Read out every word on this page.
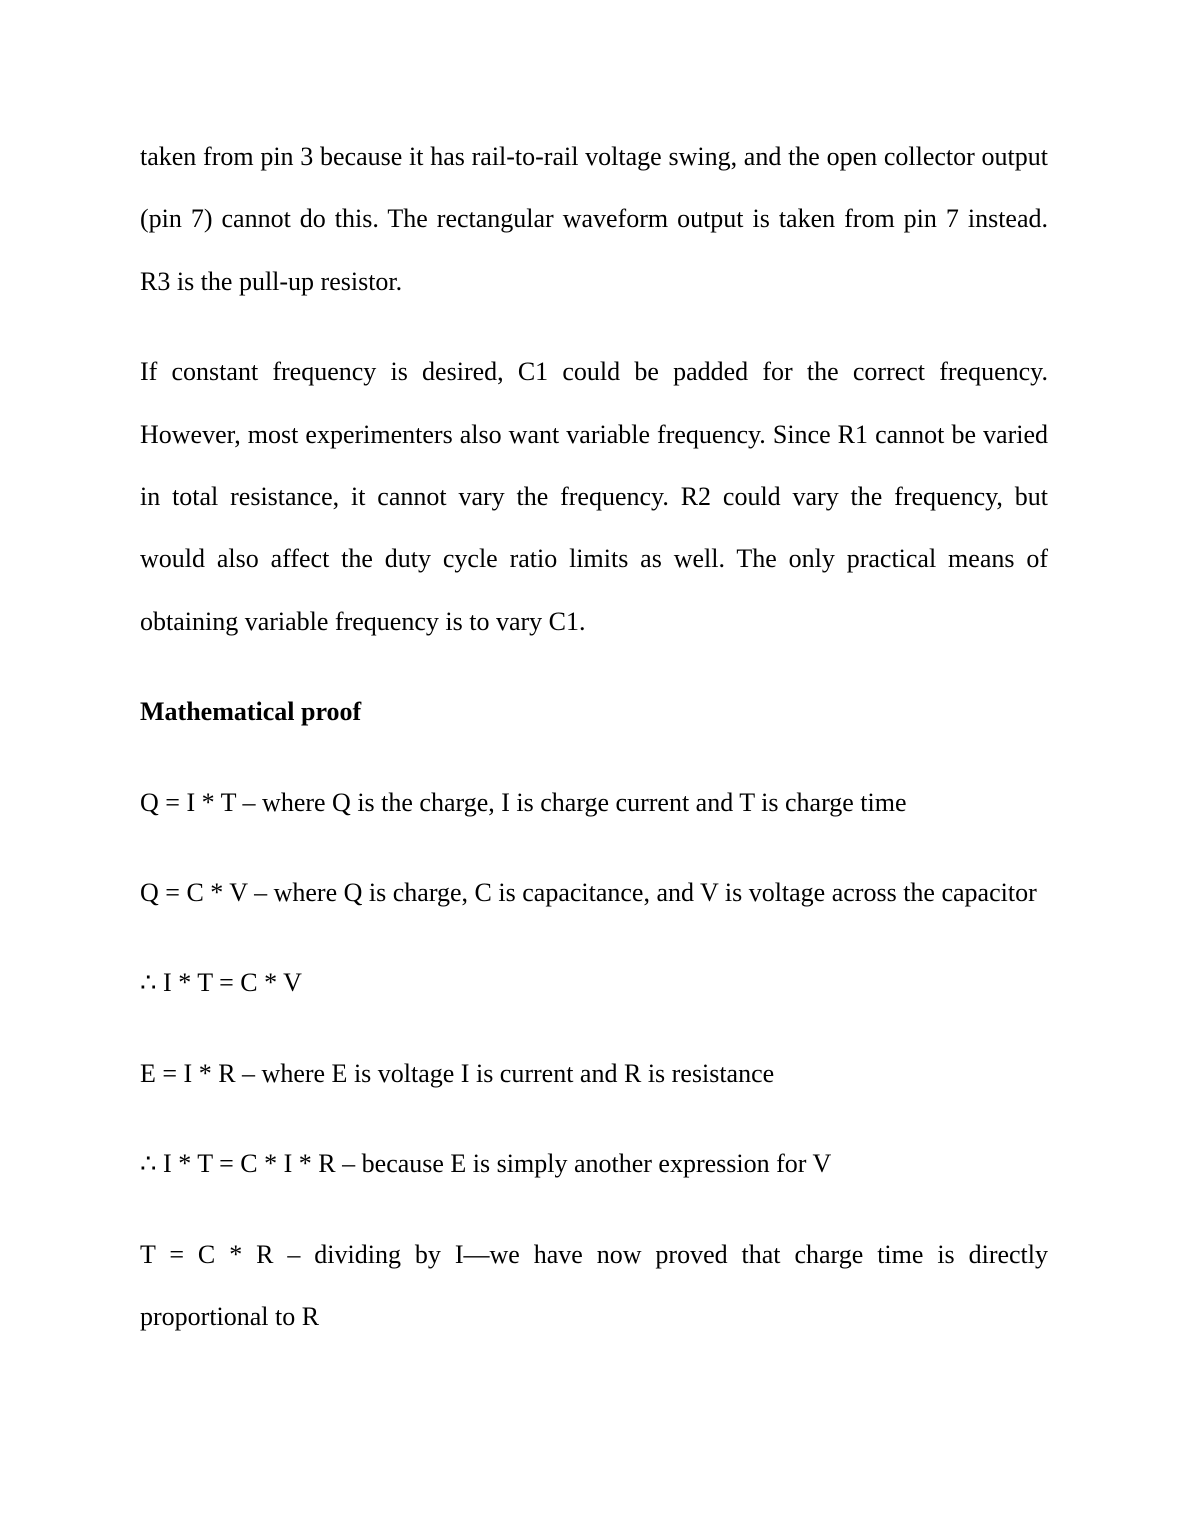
taken from pin 3 because it has rail-to-rail voltage swing, and the open collector output (pin 7) cannot do this. The rectangular waveform output is taken from pin 7 instead. R3 is the pull-up resistor.

If constant frequency is desired, C1 could be padded for the correct frequency. However, most experimenters also want variable frequency. Since R1 cannot be varied in total resistance, it cannot vary the frequency. R2 could vary the frequency, but would also affect the duty cycle ratio limits as well. The only practical means of obtaining variable frequency is to vary C1.

Mathematical proof

Q = I * T – where Q is the charge, I is charge current and T is charge time

Q = C * V – where Q is charge, C is capacitance, and V is voltage across the capacitor

∴ I * T = C * V

E = I * R – where E is voltage I is current and R is resistance

∴ I * T = C * I * R – because E is simply another expression for V

T = C * R – dividing by I—we have now proved that charge time is directly proportional to R
